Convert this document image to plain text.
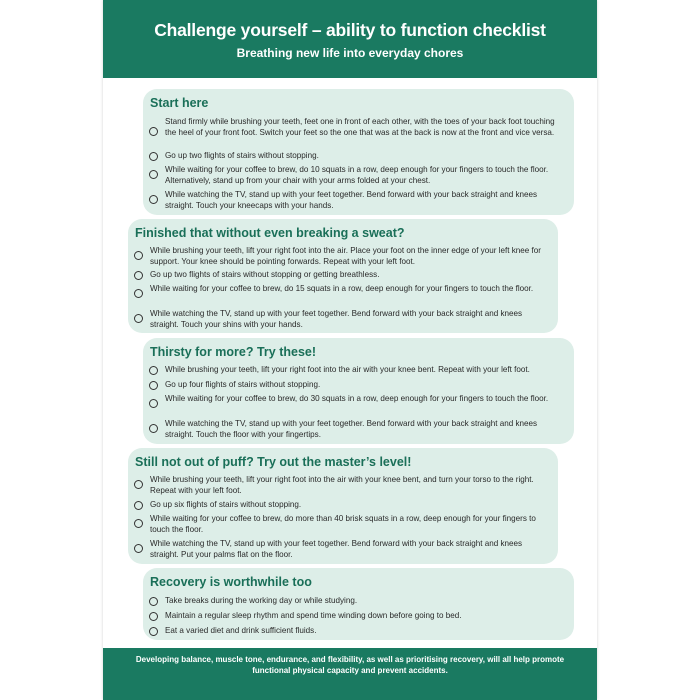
Challenge yourself – ability to function checklist
Breathing new life into everyday chores
Start here
Stand firmly while brushing your teeth, feet one in front of each other, with the toes of your back foot touching the heel of your front foot. Switch your feet so the one that was at the back is now at the front and vice versa.
Go up two flights of stairs without stopping.
While waiting for your coffee to brew, do 10 squats in a row, deep enough for your fingers to touch the floor. Alternatively, stand up from your chair with your arms folded at your chest.
While watching the TV, stand up with your feet together. Bend forward with your back straight and knees straight. Touch your kneecaps with your hands.
Finished that without even breaking a sweat?
While brushing your teeth, lift your right foot into the air. Place your foot on the inner edge of your left knee for support. Your knee should be pointing forwards. Repeat with your left foot.
Go up two flights of stairs without stopping or getting breathless.
While waiting for your coffee to brew, do 15 squats in a row, deep enough for your fingers to touch the floor.
While watching the TV, stand up with your feet together. Bend forward with your back straight and knees straight. Touch your shins with your hands.
Thirsty for more? Try these!
While brushing your teeth, lift your right foot into the air with your knee bent. Repeat with your left foot.
Go up four flights of stairs without stopping.
While waiting for your coffee to brew, do 30 squats in a row, deep enough for your fingers to touch the floor.
While watching the TV, stand up with your feet together. Bend forward with your back straight and knees straight. Touch the floor with your fingertips.
Still not out of puff? Try out the master’s level!
While brushing your teeth, lift your right foot into the air with your knee bent, and turn your torso to the right. Repeat with your left foot.
Go up six flights of stairs without stopping.
While waiting for your coffee to brew, do more than 40 brisk squats in a row, deep enough for your fingers to touch the floor.
While watching the TV, stand up with your feet together. Bend forward with your back straight and knees straight. Put your palms flat on the floor.
Recovery is worthwhile too
Take breaks during the working day or while studying.
Maintain a regular sleep rhythm and spend time winding down before going to bed.
Eat a varied diet and drink sufficient fluids.
Developing balance, muscle tone, endurance, and flexibility, as well as prioritising recovery, will all help promote functional physical capacity and prevent accidents.
